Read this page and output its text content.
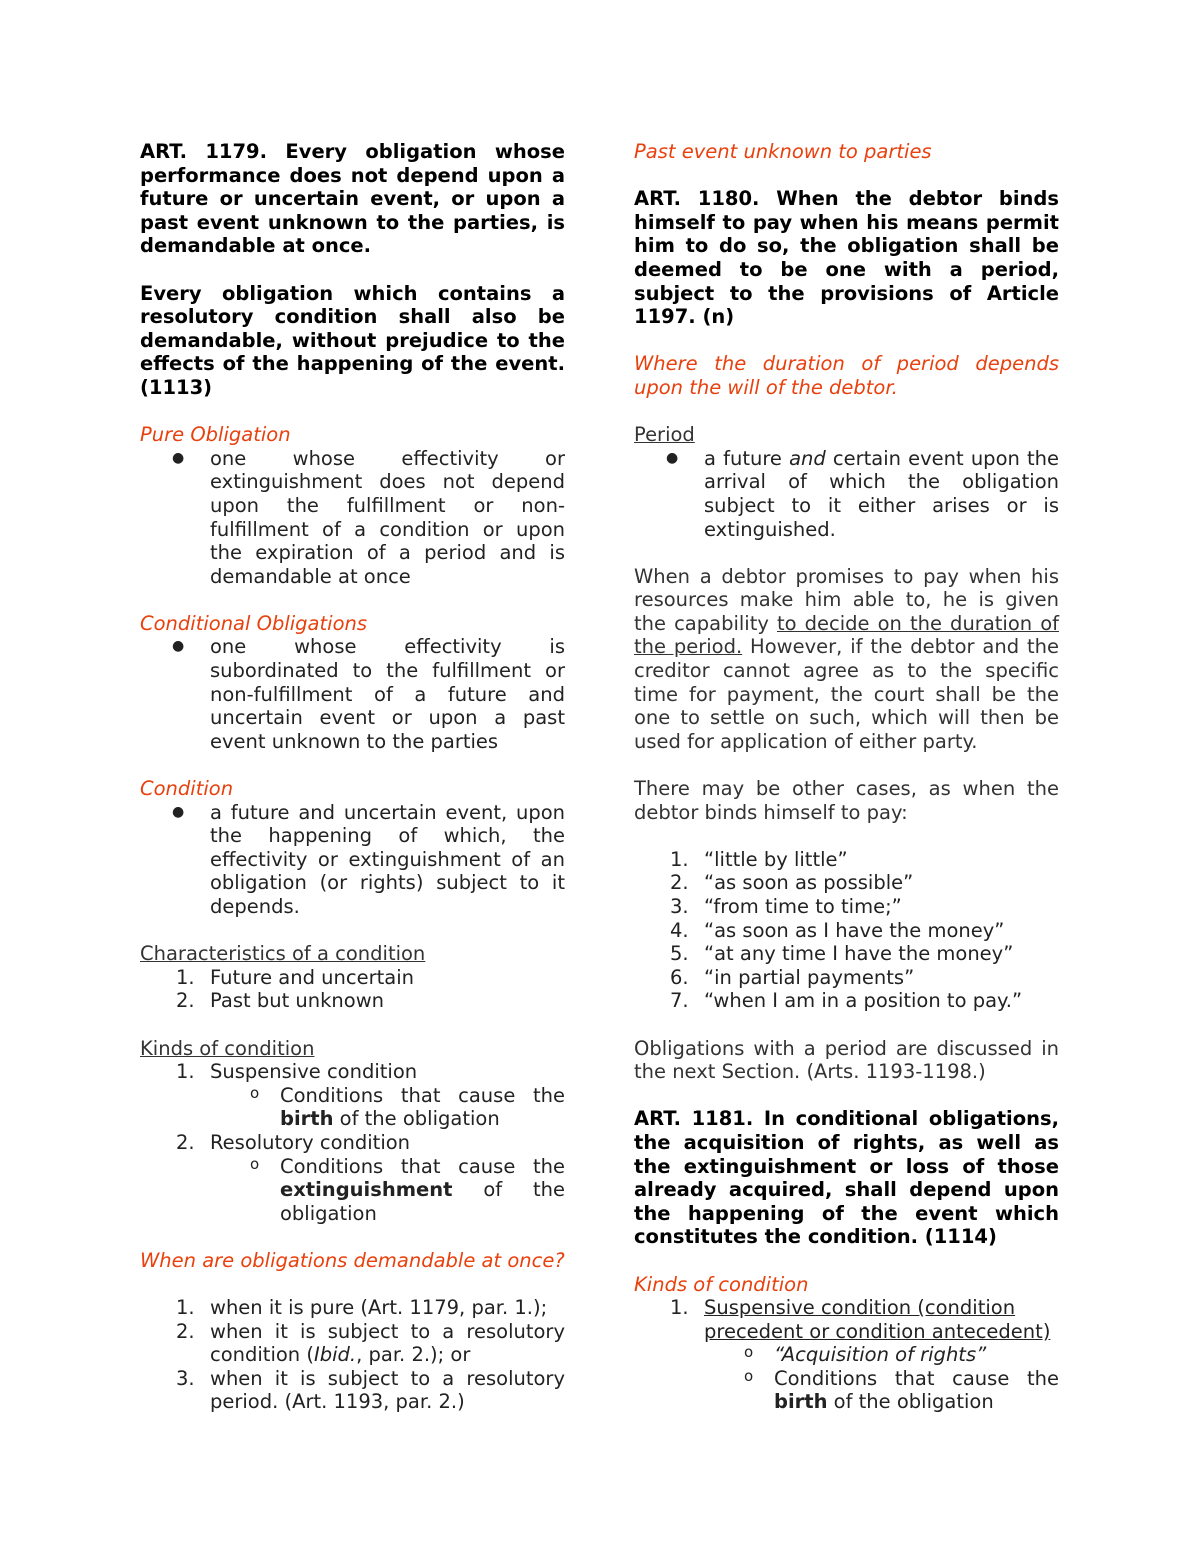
ART. 1179. Every obligation whose performance does not depend upon a future or uncertain event, or upon a past event unknown to the parties, is demandable at once.

Every obligation which contains a resolutory condition shall also be demandable, without prejudice to the effects of the happening of the event. (1113)

Pure Obligation

● one whose effectivity or extinguishment does not depend upon the fulfillment or non-fulfillment of a condition or upon the expiration of a period and is demandable at once

Conditional Obligations

● one whose effectivity is subordinated to the fulfillment or non-fulfillment of a future and uncertain event or upon a past event unknown to the parties

Condition

● a future and uncertain event, upon the happening of which, the effectivity or extinguishment of an obligation (or rights) subject to it depends.

Characteristics of a condition

1. Future and uncertain
2. Past but unknown

Kinds of condition

1. Suspensive condition
o Conditions that cause the birth of the obligation
2. Resolutory condition
o Conditions that cause the extinguishment of the obligation

When are obligations demandable at once?

1. when it is pure (Art. 1179, par. 1.);
2. when it is subject to a resolutory condition (Ibid., par. 2.); or
3. when it is subject to a resolutory period. (Art. 1193, par. 2.)

Past event unknown to parties

ART. 1180. When the debtor binds himself to pay when his means permit him to do so, the obligation shall be deemed to be one with a period, subject to the provisions of Article 1197. (n)

Where the duration of period depends upon the will of the debtor.

Period

● a future and certain event upon the arrival of which the obligation subject to it either arises or is extinguished.

When a debtor promises to pay when his resources make him able to, he is given the capability to decide on the duration of the period. However, if the debtor and the creditor cannot agree as to the specific time for payment, the court shall be the one to settle on such, which will then be used for application of either party.

There may be other cases, as when the debtor binds himself to pay:

1. “little by little”
2. “as soon as possible”
3. “from time to time;”
4. “as soon as I have the money”
5. “at any time I have the money”
6. “in partial payments”
7. “when I am in a position to pay.”

Obligations with a period are discussed in the next Section. (Arts. 1193-1198.)

ART. 1181. In conditional obligations, the acquisition of rights, as well as the extinguishment or loss of those already acquired, shall depend upon the happening of the event which constitutes the condition. (1114)

Kinds of condition

1. Suspensive condition (condition precedent or condition antecedent)
o “Acquisition of rights”
o Conditions that cause the birth of the obligation
